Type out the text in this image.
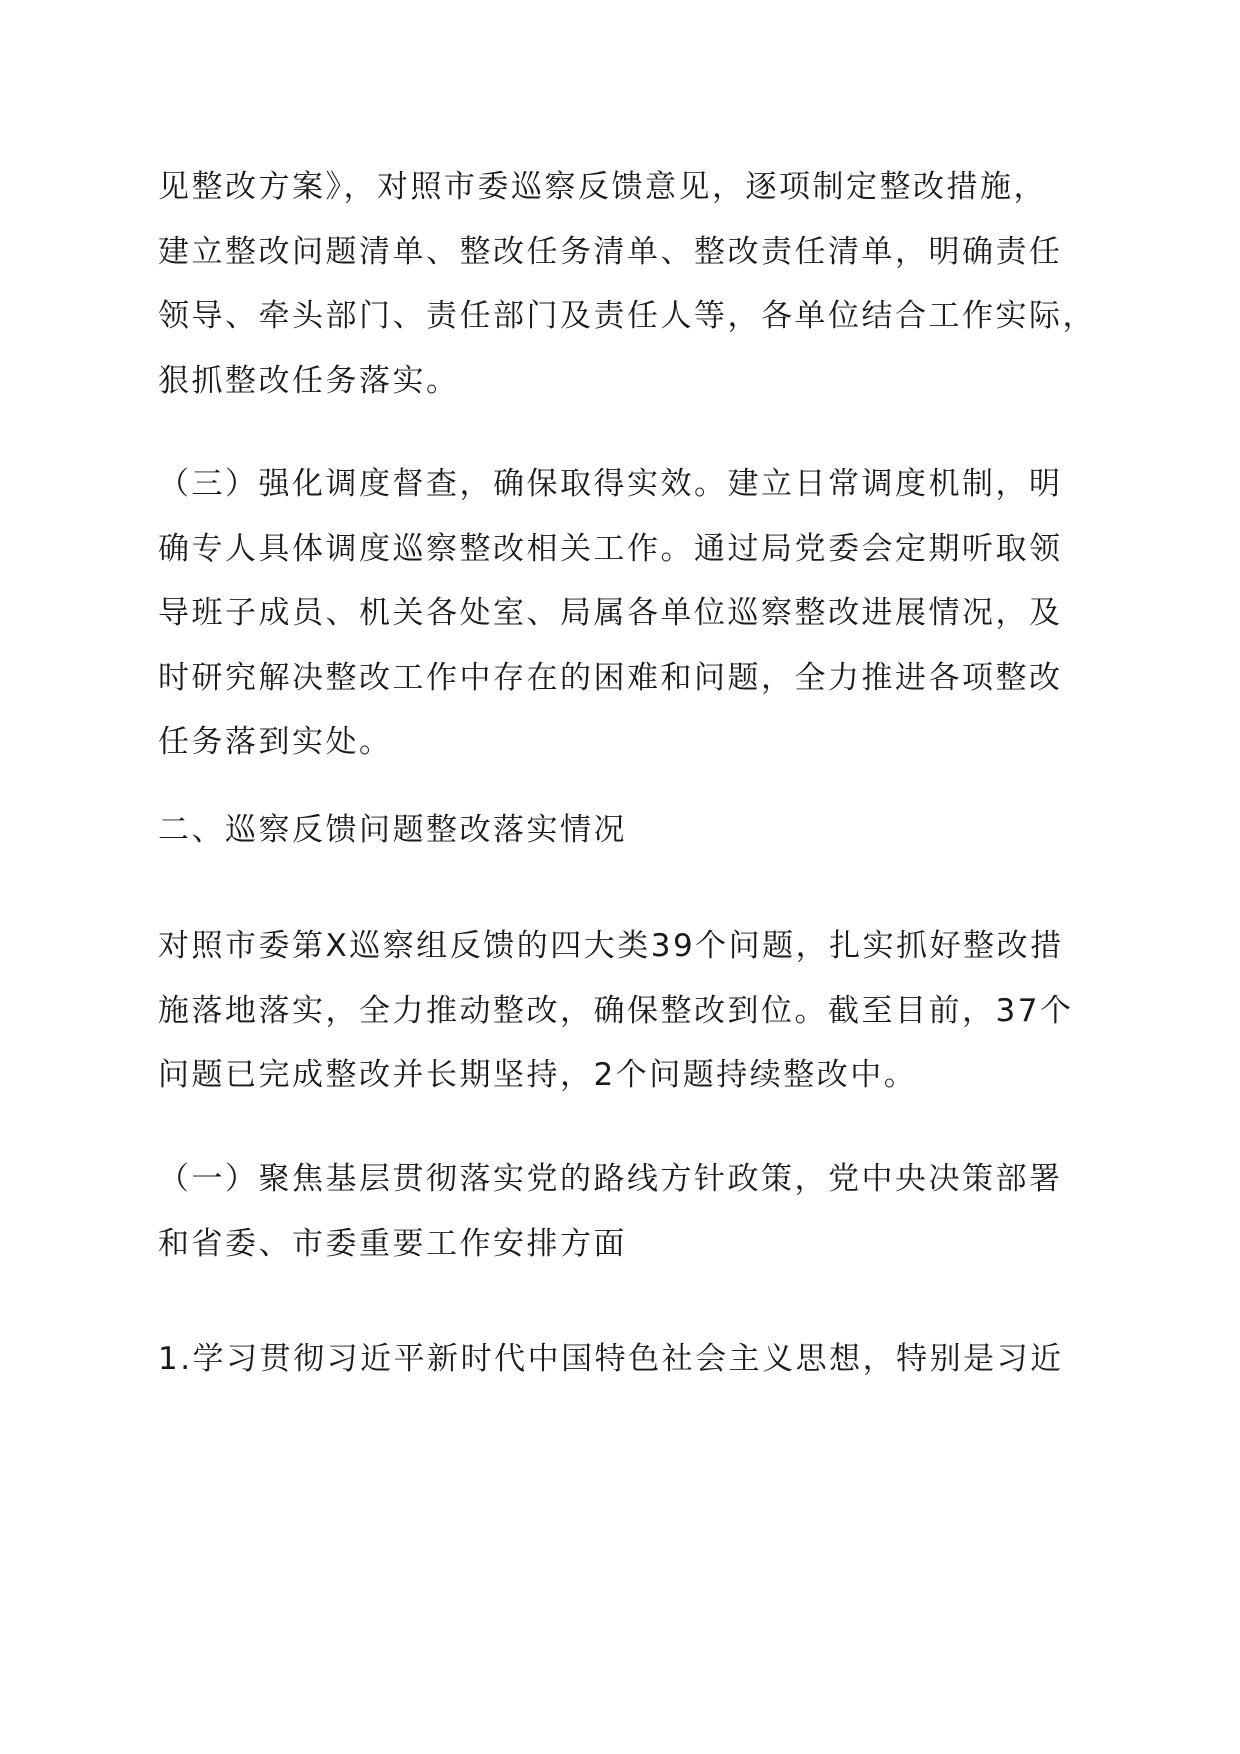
见整改方案》，对照市委巡察反馈意见，逐项制定整改措施，
建立整改问题清单、整改任务清单、整改责任清单，明确责任
领导、牵头部门、责任部门及责任人等，各单位结合工作实际，
狠抓整改任务落实。
（三）强化调度督查，确保取得实效。建立日常调度机制，明
确专人具体调度巡察整改相关工作。通过局党委会定期听取领
导班子成员、机关各处室、局属各单位巡察整改进展情况，及
时研究解决整改工作中存在的困难和问题，全力推进各项整改
任务落到实处。
二、巡察反馈问题整改落实情况
对照市委第X巡察组反馈的四大类39个问题，扎实抓好整改措
施落地落实，全力推动整改，确保整改到位。截至目前，37个
问题已完成整改并长期坚持，2个问题持续整改中。
（一）聚焦基层贯彻落实党的路线方针政策，党中央决策部署
和省委、市委重要工作安排方面
1.学习贯彻习近平新时代中国特色社会主义思想，特别是习近
